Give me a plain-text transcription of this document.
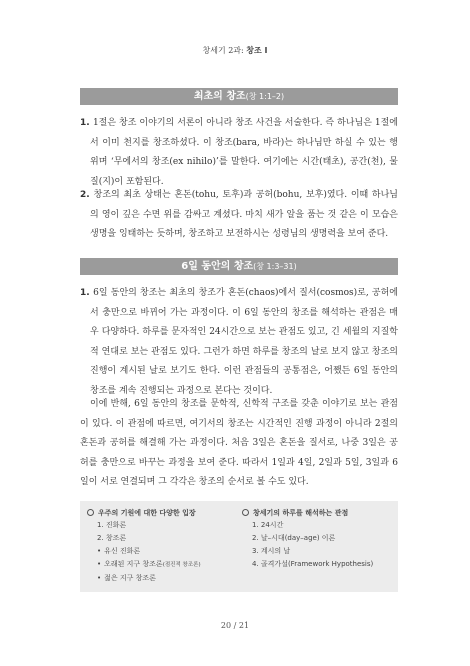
창세기 2과: 창조 I
최초의 창조(창 1:1–2)

1. 1절은 창조 이야기의 서론이 아니라 창조 사건을 서술한다. 즉 하나님은 1절에서 이미 천지를 창조하셨다. 이 창조(bara, 바라)는 하나님만 하실 수 있는 행위며 ‘무에서의 창조(ex nihilo)’를 말한다. 여기에는 시간(태초), 공간(천), 물질(지)이 포함된다.

2. 창조의 최초 상태는 혼돈(tohu, 토후)과 공허(bohu, 보후)였다. 이때 하나님의 영이 깊은 수면 위를 감싸고 계셨다. 마치 새가 알을 품는 것 같은 이 모습은 생명을 잉태하는 듯하며, 창조하고 보전하시는 성령님의 생명력을 보여 준다.

6일 동안의 창조(창 1:3–31)

1. 6일 동안의 창조는 최초의 창조가 혼돈(chaos)에서 질서(cosmos)로, 공허에서 충만으로 바뀌어 가는 과정이다. 이 6일 동안의 창조를 해석하는 관점은 매우 다양하다. 하루를 문자적인 24시간으로 보는 관점도 있고, 긴 세월의 지질학적 연대로 보는 관점도 있다. 그런가 하면 하루를 창조의 날로 보지 않고 창조의 진행이 계시된 날로 보기도 한다. 이런 관점들의 공통점은, 어쨌든 6일 동안의 창조를 계속 진행되는 과정으로 본다는 것이다.

이에 반해, 6일 동안의 창조를 문학적, 신학적 구조를 갖춘 이야기로 보는 관점이 있다. 이 관점에 따르면, 여기서의 창조는 시간적인 진행 과정이 아니라 2절의 혼돈과 공허를 해결해 가는 과정이다. 처음 3일은 혼돈을 질서로, 나중 3일은 공허를 충만으로 바꾸는 과정을 보여 준다. 따라서 1일과 4일, 2일과 5일, 3일과 6일이 서로 연결되며 그 각각은 창조의 순서로 볼 수도 있다.

우주의 기원에 대한 다양한 입장
1. 진화론
2. 창조론
• 유신 진화론
• 오래된 지구 창조론(점진적 창조론)
• 젊은 지구 창조론
창세기의 하루를 해석하는 관점
1. 24시간
2. 날–시대(day–age) 이론
3. 계시의 날
4. 골격가설(Framework Hypothesis)
20 / 21
